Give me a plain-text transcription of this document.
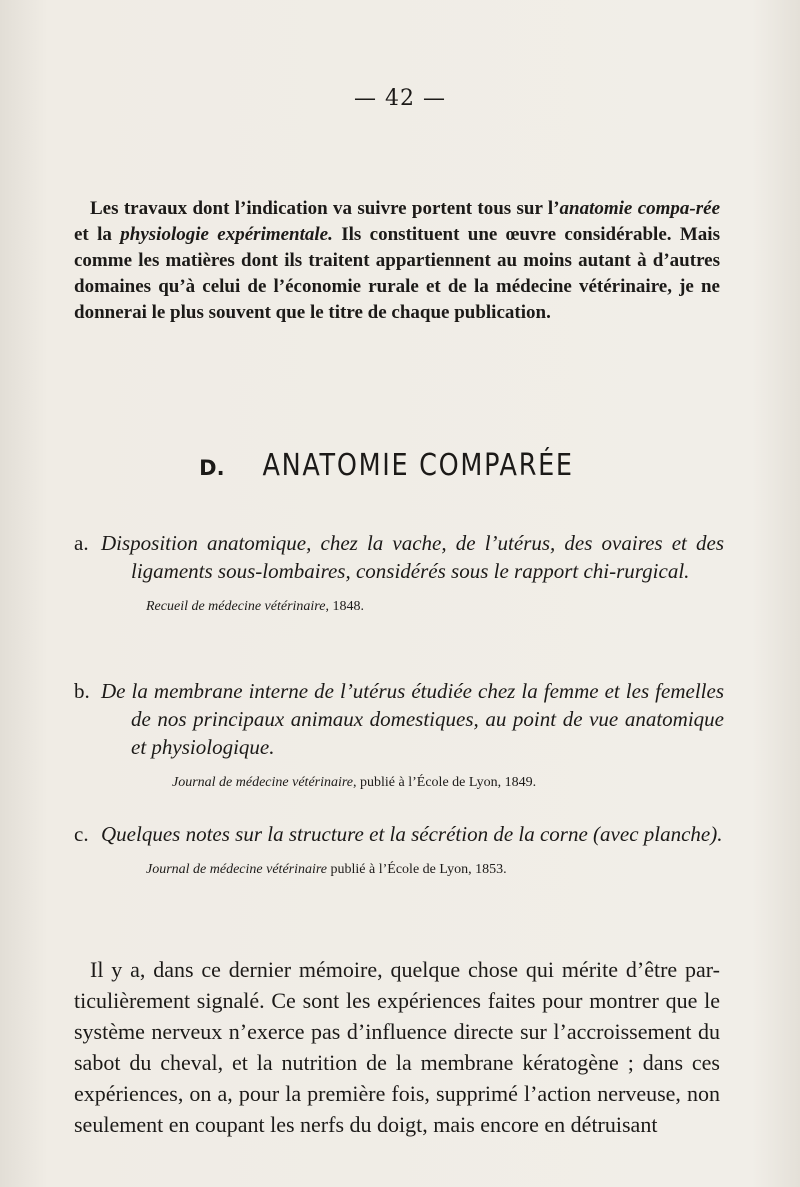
— 42 —

Les travaux dont l’indication va suivre portent tous sur l’anatomie compa-rée et la physiologie expérimentale. Ils constituent une œuvre considérable. Mais comme les matières dont ils traitent appartiennent au moins autant à d’autres domaines qu’à celui de l’économie rurale et de la médecine vétérinaire, je ne donnerai le plus souvent que le titre de chaque publication.

D. ANATOMIE COMPARÉE
a. Disposition anatomique, chez la vache, de l’utérus, des ovaires et des ligaments sous-lombaires, considérés sous le rapport chi-rurgical.
Recueil de médecine vétérinaire, 1848.
b. De la membrane interne de l’utérus étudiée chez la femme et les femelles de nos principaux animaux domestiques, au point de vue anatomique et physiologique.
Journal de médecine vétérinaire, publié à l’École de Lyon, 1849.
c. Quelques notes sur la structure et la sécrétion de la corne (avec planche).
Journal de médecine vétérinaire publié à l’École de Lyon, 1853.

Il y a, dans ce dernier mémoire, quelque chose qui mérite d’être par-ticulièrement signalé. Ce sont les expériences faites pour montrer que le système nerveux n’exerce pas d’influence directe sur l’accroissement du sabot du cheval, et la nutrition de la membrane kératogène ; dans ces expériences, on a, pour la première fois, supprimé l’action nerveuse, non seulement en coupant les nerfs du doigt, mais encore en détruisant
